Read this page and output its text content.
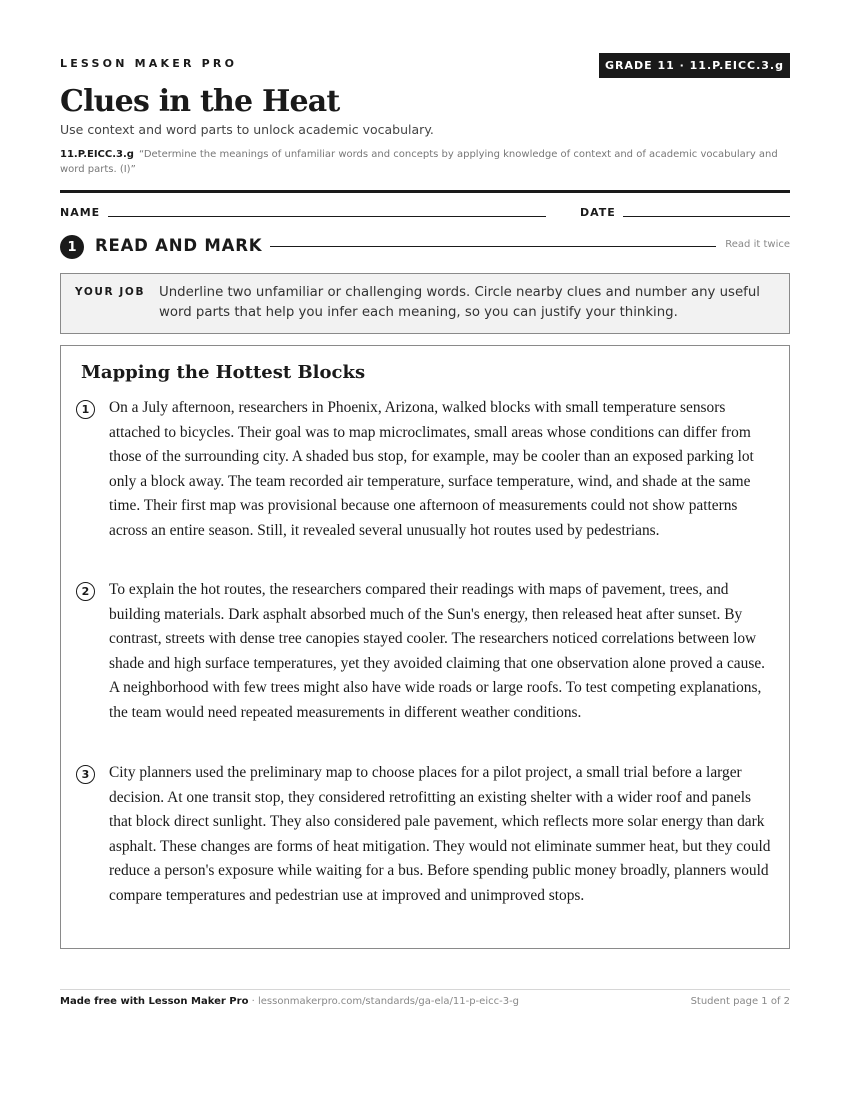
LESSON MAKER PRO	GRADE 11 · 11.P.EICC.3.g
Clues in the Heat
Use context and word parts to unlock academic vocabulary.
11.P.EICC.3.g “Determine the meanings of unfamiliar words and concepts by applying knowledge of context and of academic vocabulary and word parts. (I)”
NAME	DATE
1	READ AND MARK	Read it twice
YOUR JOB Underline two unfamiliar or challenging words. Circle nearby clues and number any useful word parts that help you infer each meaning, so you can justify your thinking.
Mapping the Hottest Blocks
1	On a July afternoon, researchers in Phoenix, Arizona, walked blocks with small temperature sensors attached to bicycles. Their goal was to map microclimates, small areas whose conditions can differ from those of the surrounding city. A shaded bus stop, for example, may be cooler than an exposed parking lot only a block away. The team recorded air temperature, surface temperature, wind, and shade at the same time. Their first map was provisional because one afternoon of measurements could not show patterns across an entire season. Still, it revealed several unusually hot routes used by pedestrians.
2	To explain the hot routes, the researchers compared their readings with maps of pavement, trees, and building materials. Dark asphalt absorbed much of the Sun's energy, then released heat after sunset. By contrast, streets with dense tree canopies stayed cooler. The researchers noticed correlations between low shade and high surface temperatures, yet they avoided claiming that one observation alone proved a cause. A neighborhood with few trees might also have wide roads or large roofs. To test competing explanations, the team would need repeated measurements in different weather conditions.
3	City planners used the preliminary map to choose places for a pilot project, a small trial before a larger decision. At one transit stop, they considered retrofitting an existing shelter with a wider roof and panels that block direct sunlight. They also considered pale pavement, which reflects more solar energy than dark asphalt. These changes are forms of heat mitigation. They would not eliminate summer heat, but they could reduce a person's exposure while waiting for a bus. Before spending public money broadly, planners would compare temperatures and pedestrian use at improved and unimproved stops.
Made free with Lesson Maker Pro · lessonmakerpro.com/standards/ga-ela/11-p-eicc-3-g	Student page 1 of 2
